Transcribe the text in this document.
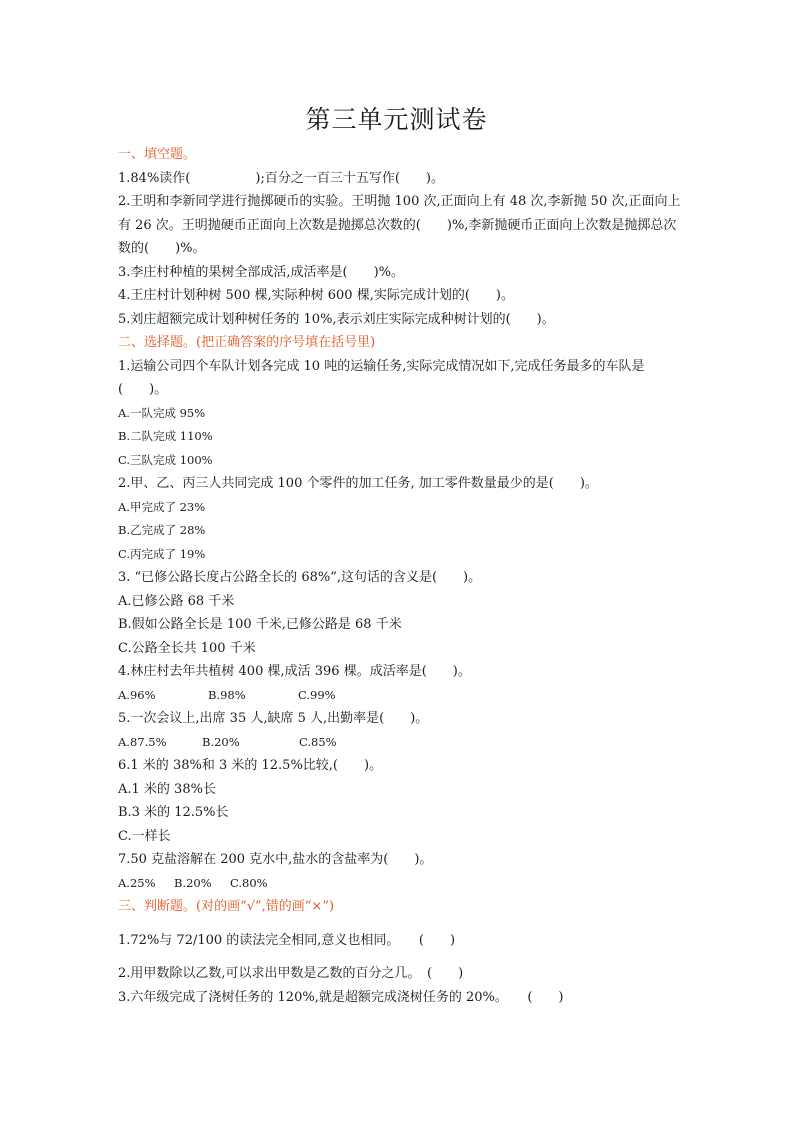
第三单元测试卷
一、填空题。
1.84%读作(　　　　　);百分之一百三十五写作(　　)。
2.王明和李新同学进行抛掷硬币的实验。王明抛 100 次,正面向上有 48 次,李新抛 50 次,正面向上有 26 次。王明抛硬币正面向上次数是抛掷总次数的(　　)%,李新抛硬币正面向上次数是抛掷总次数的(　　)%。
3.李庄村种植的果树全部成活,成活率是(　　)%。
4.王庄村计划种树 500 棵,实际种树 600 棵,实际完成计划的(　　)。
5.刘庄超额完成计划种树任务的 10%,表示刘庄实际完成种树计划的(　　)。
二、选择题。(把正确答案的序号填在括号里)
1.运输公司四个车队计划各完成 10 吨的运输任务,实际完成情况如下,完成任务最多的车队是(　　)。
A.一队完成 95%
B.二队完成 110%
C.三队完成 100%
2.甲、乙、丙三人共同完成 100 个零件的加工任务, 加工零件数量最少的是(　　)。
A.甲完成了 23%
B.乙完成了 28%
C.丙完成了 19%
3. “已修公路长度占公路全长的 68%”,这句话的含义是(　　)。
A.已修公路 68 千米
B.假如公路全长是 100 千米,已修公路是 68 千米
C.公路全长共 100 千米
4.林庄村去年共植树 400 棵,成活 396 棵。成活率是(　　)。
A.96%	B.98%	C.99%
5.一次会议上,出席 35 人,缺席 5 人,出勤率是(　　)。
A.87.5%	B.20%	C.85%
6.1 米的 38%和 3 米的 12.5%比较,(　　)。
A.1 米的 38%长
B.3 米的 12.5%长
C.一样长
7.50 克盐溶解在 200 克水中,盐水的含盐率为(　　)。
A.25% B.20% C.80%
三、判断题。(对的画“√”,错的画“×”)
1.72%与 72/100 的读法完全相同,意义也相同。　　(　　)
2.用甲数除以乙数,可以求出甲数是乙数的百分之几。　(　　)
3.六年级完成了浇树任务的 120%,就是超额完成浇树任务的 20%。　　(　　)
